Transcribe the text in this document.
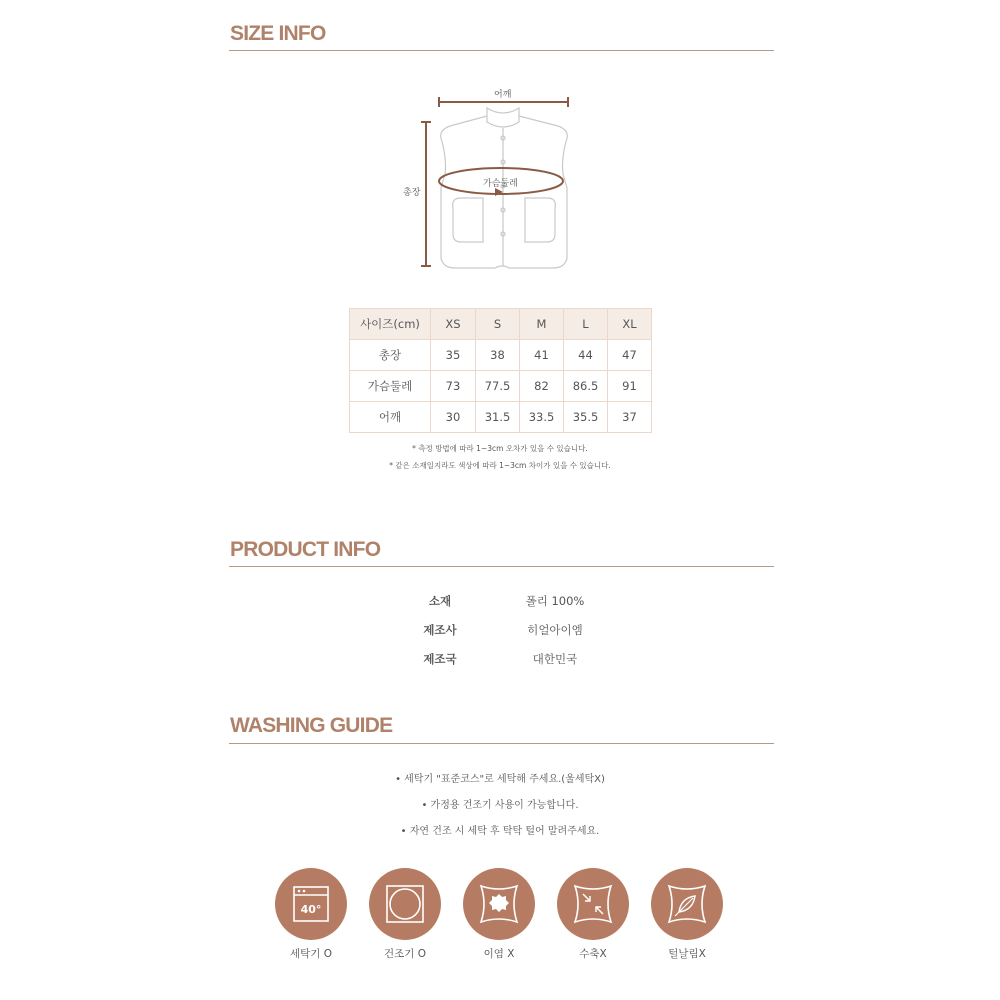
SIZE INFO
어깨
가슴둘레
총장
사이즈(cm)	XS	S	M	L	XL
총장	35	38	41	44	47
가슴둘레	73	77.5	82	86.5	91
어깨	30	31.5	33.5	35.5	37
* 측정 방법에 따라 1~3cm 오차가 있을 수 있습니다.
* 같은 소재일지라도 색상에 따라 1~3cm 차이가 있을 수 있습니다.
PRODUCT INFO
소재	폴리 100%
제조사	히얼아이엠
제조국	대한민국
WASHING GUIDE
• 세탁기 "표준코스"로 세탁해 주세요.(울세탁X)
• 가정용 건조기 사용이 가능합니다.
• 자연 건조 시 세탁 후 탁탁 털어 말려주세요.
40°
세탁기 O	건조기 O	이염 X	수축X	털날림X
